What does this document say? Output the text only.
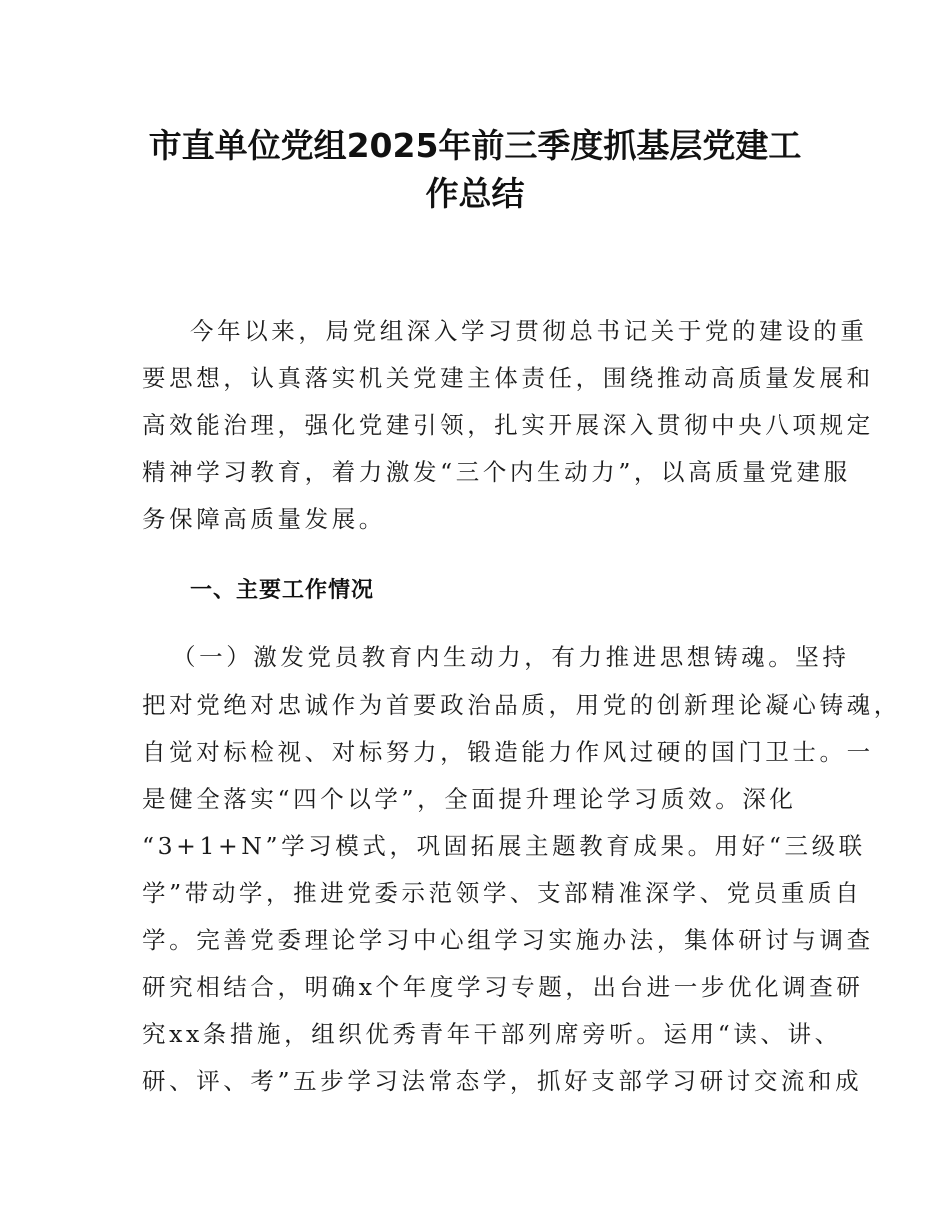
市直单位党组2025年前三季度抓基层党建工
作总结
今年以来，局党组深入学习贯彻总书记关于党的建设的重
要思想，认真落实机关党建主体责任，围绕推动高质量发展和
高效能治理，强化党建引领，扎实开展深入贯彻中央八项规定
精神学习教育，着力激发“三个内生动力”，以高质量党建服
务保障高质量发展。
一、主要工作情况
（一）激发党员教育内生动力，有力推进思想铸魂。坚持
把对党绝对忠诚作为首要政治品质，用党的创新理论凝心铸魂，
自觉对标检视、对标努力，锻造能力作风过硬的国门卫士。一
是健全落实“四个以学”，全面提升理论学习质效。深化
“3+1+N”学习模式，巩固拓展主题教育成果。用好“三级联
学”带动学，推进党委示范领学、支部精准深学、党员重质自
学。完善党委理论学习中心组学习实施办法，集体研讨与调查
研究相结合，明确x个年度学习专题，出台进一步优化调查研
究xx条措施，组织优秀青年干部列席旁听。运用“读、讲、
研、评、考”五步学习法常态学，抓好支部学习研讨交流和成
